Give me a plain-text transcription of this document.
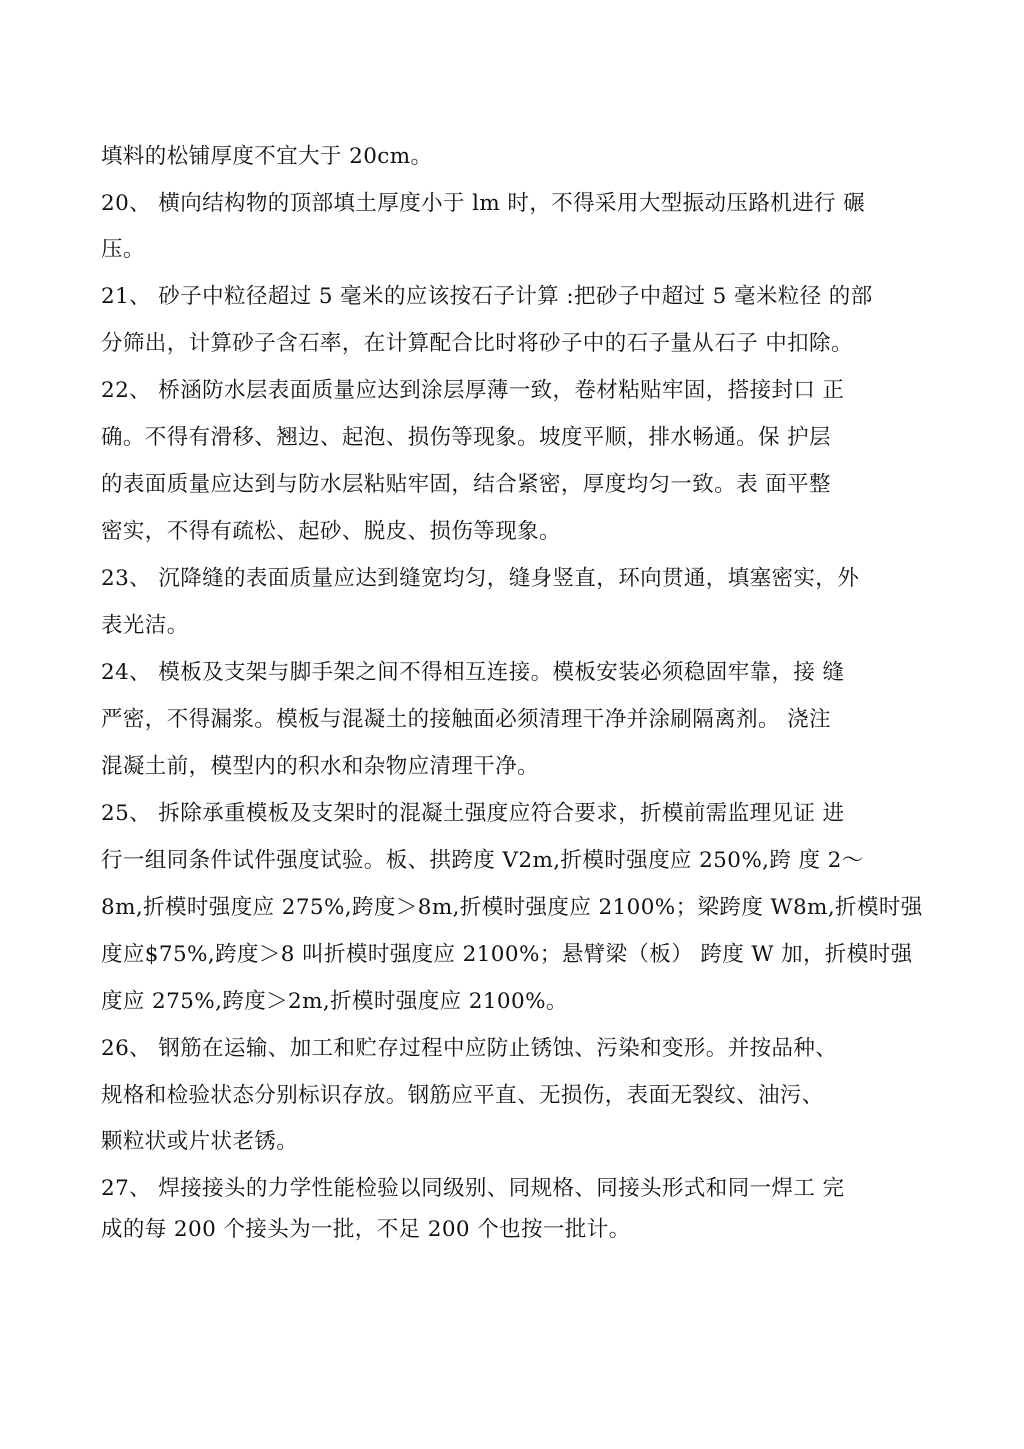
填料的松铺厚度不宜大于 20cm。
20、 横向结构物的顶部填土厚度小于 lm 时，不得采用大型振动压路机进行 碾
压。
21、 砂子中粒径超过 5 毫米的应该按石子计算 :把砂子中超过 5 毫米粒径 的部
分筛出，计算砂子含石率，在计算配合比时将砂子中的石子量从石子 中扣除。
22、 桥涵防水层表面质量应达到涂层厚薄一致，卷材粘贴牢固，搭接封口 正
确。不得有滑移、翘边、起泡、损伤等现象。坡度平顺，排水畅通。保 护层
的表面质量应达到与防水层粘贴牢固，结合紧密，厚度均匀一致。表 面平整
密实，不得有疏松、起砂、脱皮、损伤等现象。
23、 沉降缝的表面质量应达到缝宽均匀，缝身竖直，环向贯通，填塞密实，外
表光洁。
24、 模板及支架与脚手架之间不得相互连接。模板安装必须稳固牢靠，接 缝
严密，不得漏浆。模板与混凝土的接触面必须清理干净并涂刷隔离剂。 浇注
混凝土前，模型内的积水和杂物应清理干净。
25、 拆除承重模板及支架时的混凝土强度应符合要求，折模前需监理见证 进
行一组同条件试件强度试验。板、拱跨度 V2m,折模时强度应 250%,跨 度 2～
8m,折模时强度应 275%,跨度＞8m,折模时强度应 2100%；梁跨度 W8m,折模时强
度应$75%,跨度＞8 叫折模时强度应 2100%；悬臂梁（板） 跨度 W 加，折模时强
度应 275%,跨度＞2m,折模时强度应 2100%。
26、 钢筋在运输、加工和贮存过程中应防止锈蚀、污染和变形。并按品种、
规格和检验状态分别标识存放。钢筋应平直、无损伤，表面无裂纹、油污、
颗粒状或片状老锈。
27、 焊接接头的力学性能检验以同级别、同规格、同接头形式和同一焊工 完
成的每 200 个接头为一批，不足 200 个也按一批计。
